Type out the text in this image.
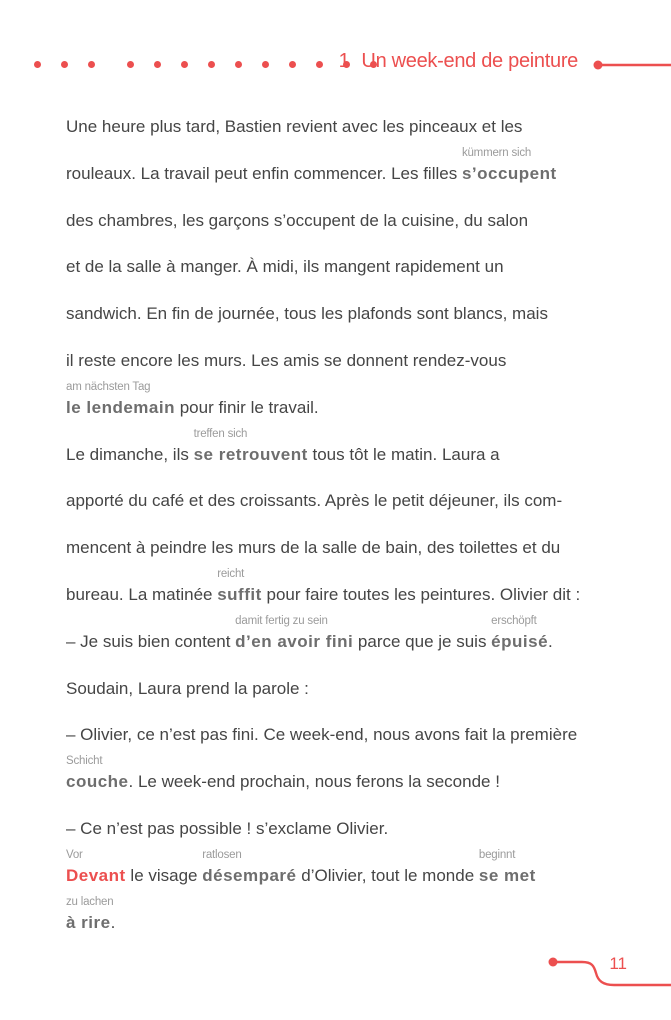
1 Un week-end de peinture
Une heure plus tard, Bastien revient avec les pinceaux et les
rouleaux. La travail peut enfin commencer. Les filles
kümmern sich
s’occupent
des chambres, les garçons s’occupent de la cuisine, du salon
et de la salle à manger. À midi, ils mangent rapidement un
sandwich. En fin de journée, tous les plafonds sont blancs, mais
il reste encore les murs. Les amis se donnent rendez-vous
am nächsten Tag
le lendemain pour finir le travail.
Le dimanche, ils
treffen sich
se retrouvent tous tôt le matin. Laura a
apporté du café et des croissants. Après le petit déjeuner, ils com-
mencent à peindre les murs de la salle de bain, des toilettes et du
bureau. La matinée
reicht
suffit pour faire toutes les peintures. Olivier dit :
– Je suis bien content
damit fertig zu sein
d’en avoir fini parce que je suis
erschöpft
épuisé.
Soudain, Laura prend la parole :
– Olivier, ce n’est pas fini. Ce week-end, nous avons fait la première
Schicht
couche. Le week-end prochain, nous ferons la seconde !
– Ce n’est pas possible ! s’exclame Olivier.
Vor
Devant le visage
ratlosen
désemparé d’Olivier, tout le monde
beginnt
se met
zu lachen
à rire.
11
